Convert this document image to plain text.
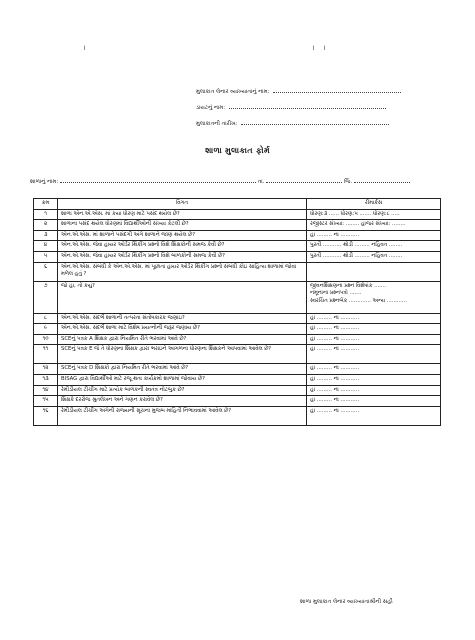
।	। ।
મુલાકાત લેનાર વ્યાખ્યાતાનું નામ:
ડાયટનું નામ:
મુલાકાતની તારીખ:
શાળા મુલાકાત ફોર્મ
શાળાનું નામ:	તા.	જિ.
ક્રમ	વિગત	રીમાર્કસ
૧	શાળા એન.એ.એસ. માં કયા ધોરણ માટે પસંદ થયેલ છે?	ધોરણ:૩ ...... ધોરણ:૫ ....... ધોરણ:૮ .....
૨	શાળાના પસંદ થયેલ ધોરણમાં વિદ્યાર્થીઓની સંખ્યા કેટલી છે?	રજીસ્ટર સંખ્યા: ........ હાજર સંખ્યા: ........
૩	એન.એ.એસ. માં શાળાને પસંદગી અંગે શાળાને જાણ થયેલ છે?	હા ......... ના ...........
૪	એન.એ.એસ. જેવા હાયર ઓર્ડર થિંકીંગ પ્રશ્નો વિશે શિક્ષકોની સમજ કેવી છે?	પુરતી ........... થોડી ......... નહિવત ........
૫	એન.એ.એસ. જેવા હાયર ઓર્ડર થિંકીંગ પ્રશ્નો વિશે બાળકોની સમજ કેવી છે?	પુરતી ........... થોડી ......... નહિવત ........
૬	એન.એ.એસ. સંબંધી કે એન.એ.એસ. માં પૂછાતા હાયર ઓર્ડર થિંકીંગ પ્રશ્નો સંબંધી કોઇ સાહિત્ય શાળામાં જોવા મળેલ હતું ?	
૭	જો હા, તો કયું?	જીવનશિક્ષણના પ્રશ્ન વિશેષાંક .......
નમૂનાના પ્રશ્નપત્રો .......
સ્વરચિત પ્રશ્નબેંક ............. અન્ય ............
૮	એન.એ.એસ. સંદર્ભે શાળાની તત્પરતા સંતોષકારક જણાઇ?	હા ......... ના ...........
૯	એન.એ.એસ. સંદર્ભે શાળા માટે વિશેષ પ્રયત્નોની જરૂર જણાય છે?	હા ......... ના ...........
૧૦	SCEનું પત્રક A શિક્ષક દ્વારા નિયમિત રીતે ભરવામાં આવે છે?	હા ......... ના ...........
૧૧	SCEનું પત્રક E જે તે ધોરણના શિક્ષક દ્વારા ભરાઇને આગળના ધોરણના શિક્ષકને આપવામાં આવેલ છે?	હા ......... ના ...........
૧૨	SCEનું પત્રક D શિક્ષકો દ્વારા નિયમિત રીતે ભરવામાં આવે છે?	હા ......... ના ...........
૧૩	BISAG દ્વારા વિદ્યાર્થીઓ માટે રજૂ થતા કાર્યક્રમો શાળામાં જોવાય છે?	હા ......... ના ...........
૧૪	રેમીડીયલ ટીચીંગ માટે પ્રત્યેક બાળકની સ્વતંત્ર નોટબુક છે?	હા ......... ના ...........
૧૫	શિક્ષકે દરરોજ શ્રુતલેખન અને ગણન કરાવેલ છે?	હા ......... ના ...........
૧૬	રેમીડીયલ ટીચીંગ અંગેની રાજ્યની સૂચના મુજબ માહિતી નિભાવવામાં આવેલ છે?	હા ......... ના ...........
શાળા મુલાકાત લેનાર વ્યાખ્યાતાશ્રીની સહી
